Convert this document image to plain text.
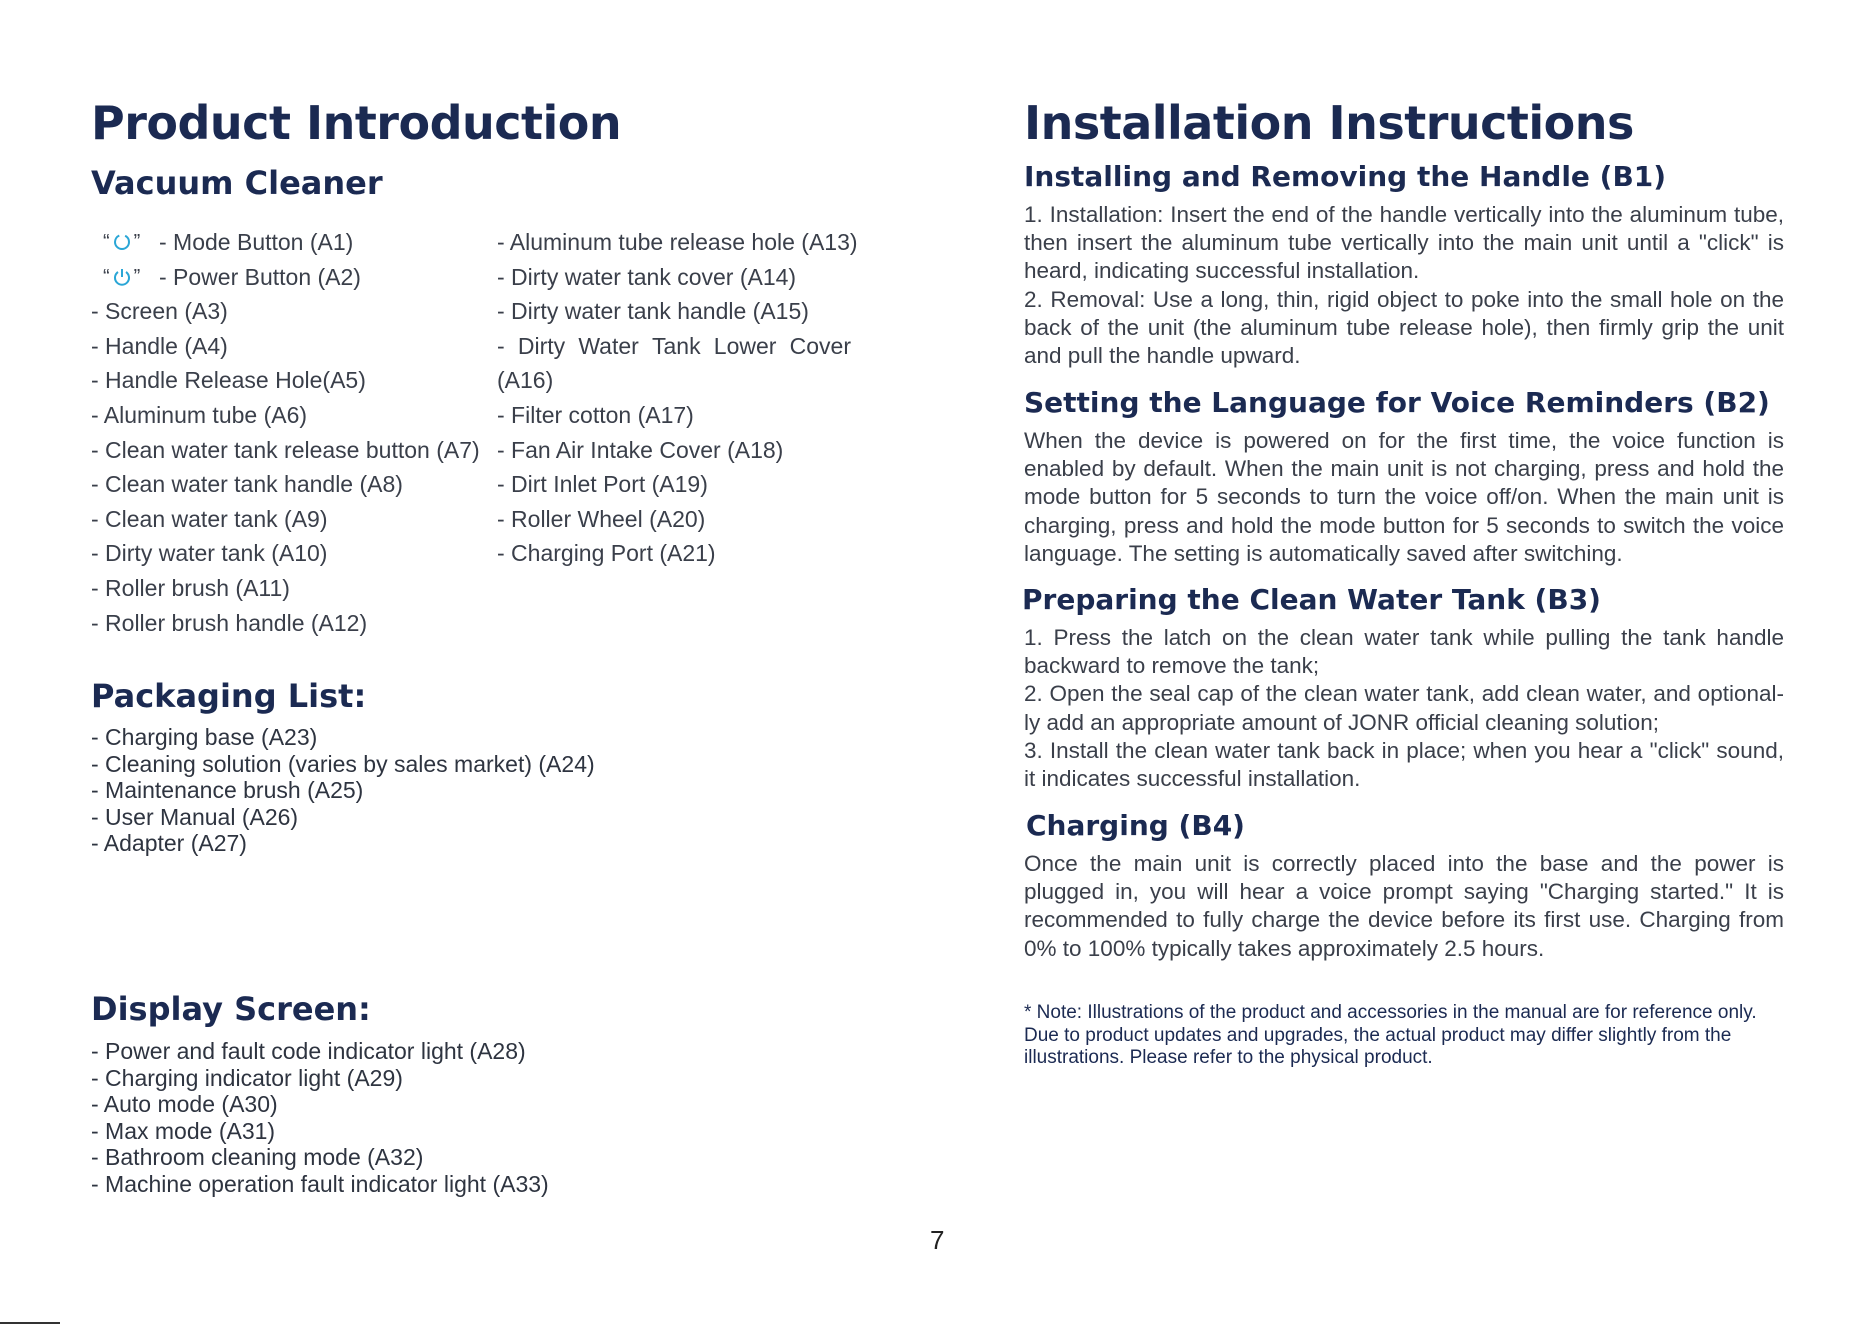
Product Introduction
Vacuum Cleaner
“ ” - Mode Button (A1)
“ ” - Power Button (A2)
- Screen (A3)
- Handle (A4)
- Handle Release Hole(A5)
- Aluminum tube (A6)
- Clean water tank release button (A7)
- Clean water tank handle (A8)
- Clean water tank (A9)
- Dirty water tank (A10)
- Roller brush (A11)
- Roller brush handle (A12)
- Aluminum tube release hole (A13)
- Dirty water tank cover (A14)
- Dirty water tank handle (A15)
- Dirty Water Tank Lower Cover
(A16)
- Filter cotton (A17)
- Fan Air Intake Cover (A18)
- Dirt Inlet Port (A19)
- Roller Wheel (A20)
- Charging Port (A21)
Packaging List:
- Charging base (A23)
- Cleaning solution (varies by sales market) (A24)
- Maintenance brush (A25)
- User Manual (A26)
- Adapter (A27)
Display Screen:
- Power and fault code indicator light (A28)
- Charging indicator light (A29)
- Auto mode (A30)
- Max mode (A31)
- Bathroom cleaning mode (A32)
- Machine operation fault indicator light (A33)
Installation Instructions
Installing and Removing the Handle (B1)

1. Installation: Insert the end of the handle vertically into the aluminum tube, then insert the aluminum tube vertically into the main unit until a "click" is heard, indicating successful installation.

2. Removal: Use a long, thin, rigid object to poke into the small hole on the back of the unit (the aluminum tube release hole), then firmly grip the unit and pull the handle upward.

Setting the Language for Voice Reminders (B2)

When the device is powered on for the first time, the voice function is enabled by default. When the main unit is not charging, press and hold the mode button for 5 seconds to turn the voice off/on. When the main unit is charging, press and hold the mode button for 5 seconds to switch the voice language. The setting is automatically saved after switching.

Preparing the Clean Water Tank (B3)

1. Press the latch on the clean water tank while pulling the tank handle backward to remove the tank;

2. Open the seal cap of the clean water tank, add clean water, and optional-ly add an appropriate amount of JONR official cleaning solution;

3. Install the clean water tank back in place; when you hear a "click" sound, it indicates successful installation.

Charging (B4)

Once the main unit is correctly placed into the base and the power is plugged in, you will hear a voice prompt saying "Charging started." It is recommended to fully charge the device before its first use. Charging from 0% to 100% typically takes approximately 2.5 hours.

* Note: Illustrations of the product and accessories in the manual are for reference only. Due to product updates and upgrades, the actual product may differ slightly from the illustrations. Please refer to the physical product.

7
